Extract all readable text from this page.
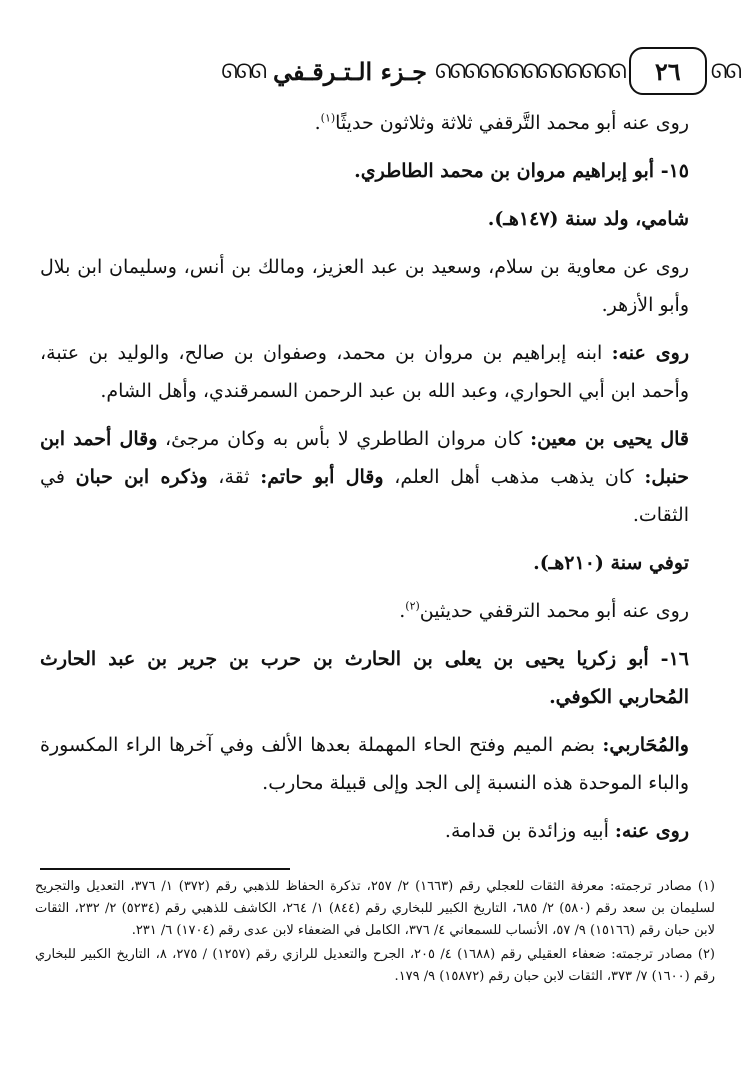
ᘏᘏ
٢٦
ᘏᘏᘏᘏᘏᘏᘏᘏᘏᘏᘏᘏᘏ
جـزء الـتـرقـفي
ᘏᘏᘏ

روى عنه أبو محمد التَّرقفي ثلاثة وثلاثون حديثًا$^{(١)}$.

١٥- أبو إبراهيم مروان بن محمد الطاطري.

شامي، ولد سنة (١٤٧هـ).

روى عن معاوية بن سلام، وسعيد بن عبد العزيز، ومالك بن أنس، وسليمان ابن بلال وأبو الأزهر.

روى عنه: ابنه إبراهيم بن مروان بن محمد، وصفوان بن صالح، والوليد بن عتبة، وأحمد ابن أبي الحواري، وعبد الله بن عبد الرحمن السمرقندي، وأهل الشام.

قال يحيى بن معين: كان مروان الطاطري لا بأس به وكان مرجئ، وقال أحمد ابن حنبل: كان يذهب مذهب أهل العلم، وقال أبو حاتم: ثقة، وذكره ابن حبان في الثقات.

توفي سنة (٢١٠هـ).

روى عنه أبو محمد الترقفي حديثين$^{(٢)}$.

١٦- أبو زكريا يحيى بن يعلى بن الحارث بن حرب بن جرير بن عبد الحارث المُحاربي الكوفي.

والمُحَاربي: بضم الميم وفتح الحاء المهملة بعدها الألف وفي آخرها الراء المكسورة والباء الموحدة هذه النسبة إلى الجد وإلى قبيلة محارب.

روى عنه: أبيه وزائدة بن قدامة.

(١) مصادر ترجمته: معرفة الثقات للعجلي رقم (١٦٦٣) ٢/ ٢٥٧، تذكرة الحفاظ للذهبي رقم (٣٧٢) ١/ ٣٧٦، التعديل والتجريح لسليمان بن سعد رقم (٥٨٠) ٢/ ٦٨٥، التاريخ الكبير للبخاري رقم (٨٤٤) ١/ ٢٦٤، الكاشف للذهبي رقم (٥٢٣٤) ٢/ ٢٣٢، الثقات لابن حبان رقم (١٥١٦٦) ٩/ ٥٧، الأنساب للسمعاني ٤/ ٣٧٦، الكامل في الضعفاء لابن عدى رقم (١٧٠٤) ٦/ ٢٣١.

(٢) مصادر ترجمته: ضعفاء العقيلي رقم (١٦٨٨) ٤/ ٢٠٥، الجرح والتعديل للرازي رقم (١٢٥٧) / ٢٧٥، ٨، التاريخ الكبير للبخاري رقم (١٦٠٠) ٧/ ٣٧٣، الثقات لابن حبان رقم (١٥٨٧٢) ٩/ ١٧٩.
